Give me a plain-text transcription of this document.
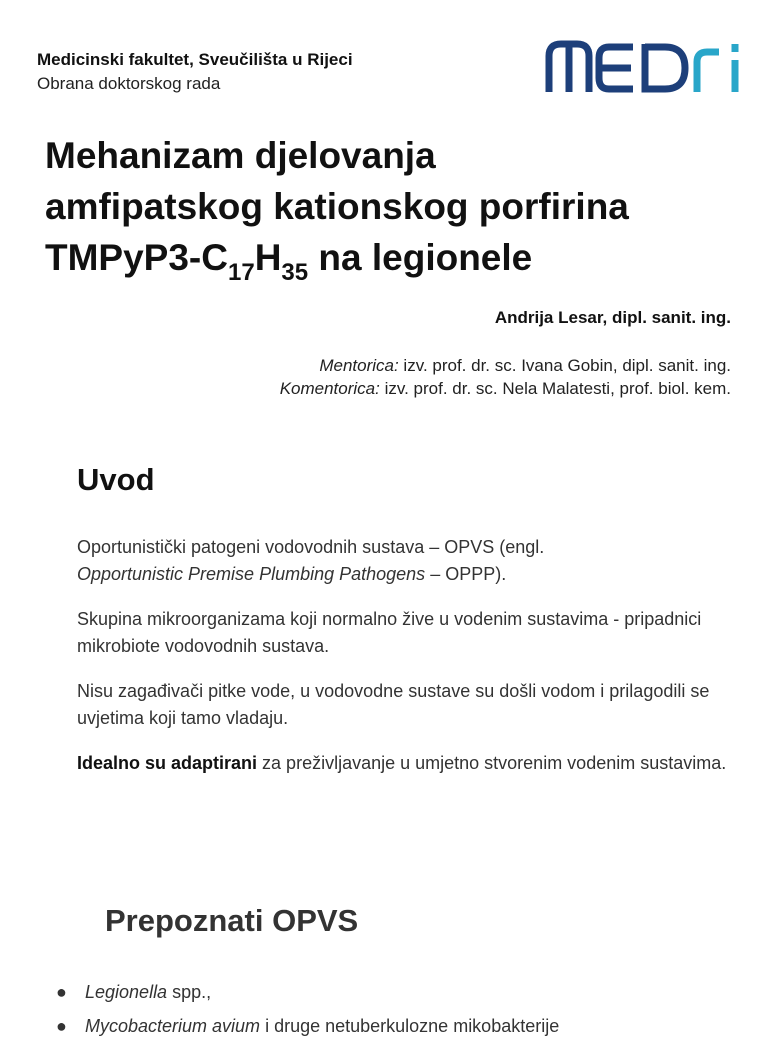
Medicinski fakultet, Sveučilišta u Rijeci
Obrana doktorskog rada
Mehanizam djelovanja
amfipatskog kationskog porfirina
$TMPyP3-C_{17}H_{35}$ na legionele
Andrija Lesar, dipl. sanit. ing.
Mentorica: izv. prof. dr. sc. Ivana Gobin, dipl. sanit. ing.
Komentorica: izv. prof. dr. sc. Nela Malatesti, prof. biol. kem.
Uvod

Oportunistički patogeni vodovodnih sustava – OPVS (engl.
Opportunistic Premise Plumbing Pathogens – OPPP).

Skupina mikroorganizama koji normalno žive u vodenim sustavima - pripadnici mikrobiote vodovodnih sustava.

Nisu zagađivači pitke vode, u vodovodne sustave su došli vodom i prilagodili se uvjetima koji tamo vladaju.

Idealno su adaptirani za preživljavanje u umjetno stvorenim vodenim sustavima.

Prepoznati OPVS
● Legionella spp.,
● Mycobacterium avium i druge netuberkulozne mikobakterije
